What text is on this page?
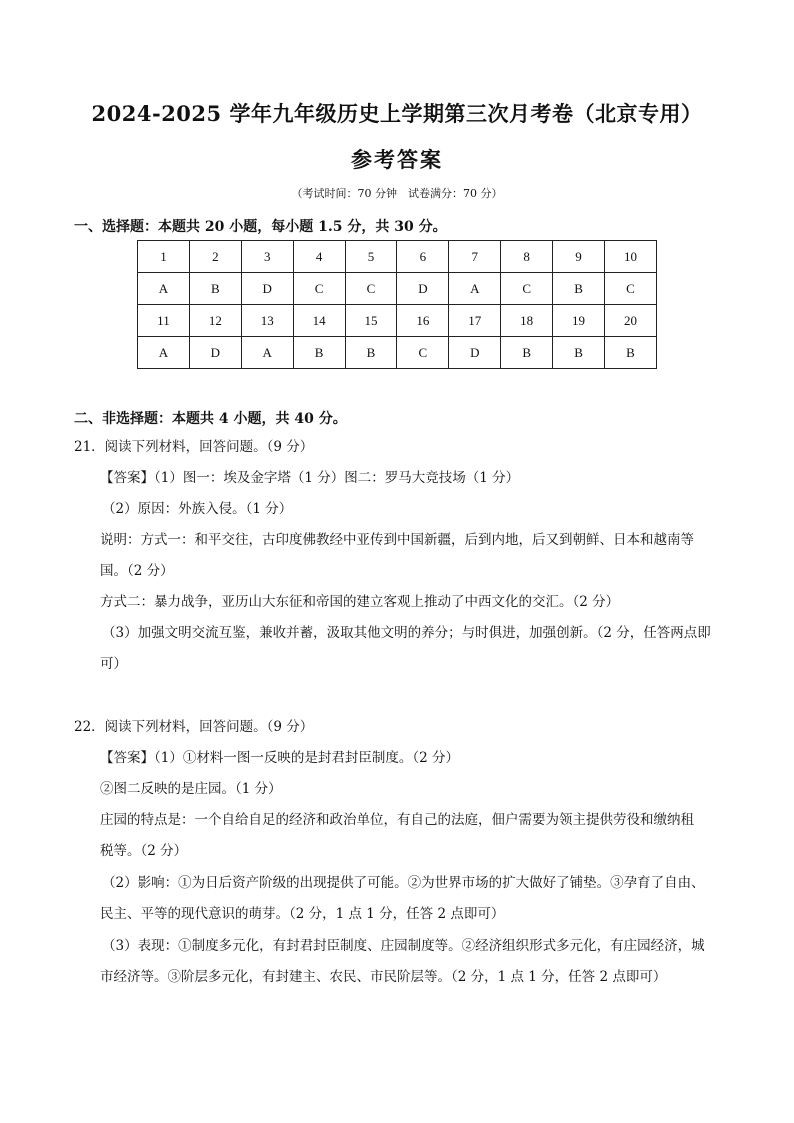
2024-2025 学年九年级历史上学期第三次月考卷（北京专用）
参考答案
（考试时间：70 分钟　试卷满分：70 分）
一、选择题：本题共 20 小题，每小题 1.5 分，共 30 分。
1	2	3	4	5	6	7	8	9	10
A	B	D	C	C	D	A	C	B	C
11	12	13	14	15	16	17	18	19	20
A	D	A	B	B	C	D	B	B	B
二、非选择题：本题共 4 小题，共 40 分。
21．阅读下列材料，回答问题。（9 分）
【答案】（1）图一：埃及金字塔（1 分）图二：罗马大竞技场（1 分）
（2）原因：外族入侵。（1 分）
说明：方式一：和平交往，古印度佛教经中亚传到中国新疆，后到内地，后又到朝鲜、日本和越南等
国。（2 分）
方式二：暴力战争，亚历山大东征和帝国的建立客观上推动了中西文化的交汇。（2 分）
（3）加强文明交流互鉴，兼收并蓄，汲取其他文明的养分；与时俱进，加强创新。（2 分，任答两点即
可）
22．阅读下列材料，回答问题。（9 分）
【答案】（1）①材料一图一反映的是封君封臣制度。（2 分）
②图二反映的是庄园。（1 分）
庄园的特点是：一个自给自足的经济和政治单位，有自己的法庭，佃户需要为领主提供劳役和缴纳租
税等。（2 分）
（2）影响：①为日后资产阶级的出现提供了可能。②为世界市场的扩大做好了铺垫。③孕育了自由、
民主、平等的现代意识的萌芽。（2 分，1 点 1 分，任答 2 点即可）
（3）表现：①制度多元化，有封君封臣制度、庄园制度等。②经济组织形式多元化，有庄园经济，城
市经济等。③阶层多元化，有封建主、农民、市民阶层等。（2 分，1 点 1 分，任答 2 点即可）
